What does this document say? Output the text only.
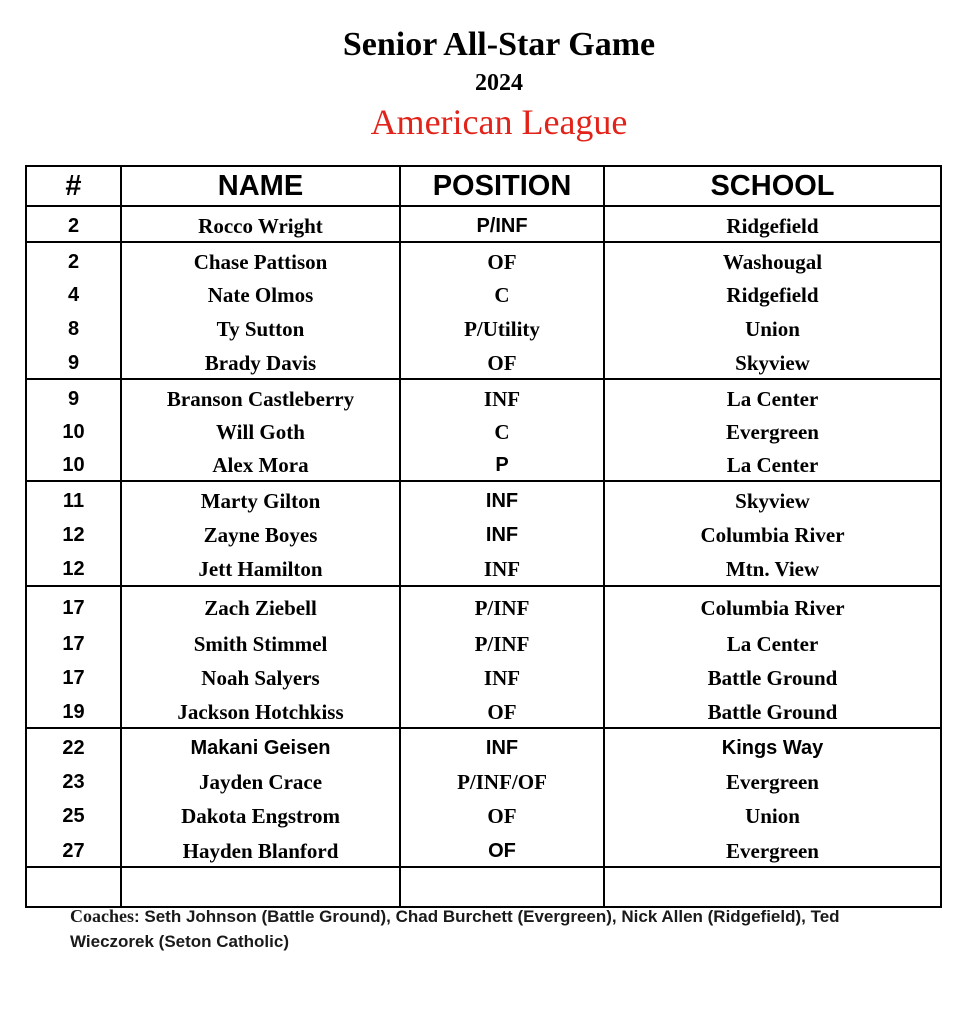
Senior All-Star Game
2024
American League
#	NAME	POSITION	SCHOOL
2	Rocco Wright	P/INF	Ridgefield
2	Chase Pattison	OF	Washougal
4	Nate Olmos	C	Ridgefield
8	Ty Sutton	P/Utility	Union
9	Brady Davis	OF	Skyview
9	Branson Castleberry	INF	La Center
10	Will Goth	C	Evergreen
10	Alex Mora	P	La Center
11	Marty Gilton	INF	Skyview
12	Zayne Boyes	INF	Columbia River
12	Jett Hamilton	INF	Mtn. View
17	Zach Ziebell	P/INF	Columbia River
17	Smith Stimmel	P/INF	La Center
17	Noah Salyers	INF	Battle Ground
19	Jackson Hotchkiss	OF	Battle Ground
22	Makani Geisen	INF	Kings Way
23	Jayden Crace	P/INF/OF	Evergreen
25	Dakota Engstrom	OF	Union
27	Hayden Blanford	OF	Evergreen

Coaches: Seth Johnson (Battle Ground), Chad Burchett (Evergreen), Nick Allen (Ridgefield), Ted Wieczorek (Seton Catholic)
